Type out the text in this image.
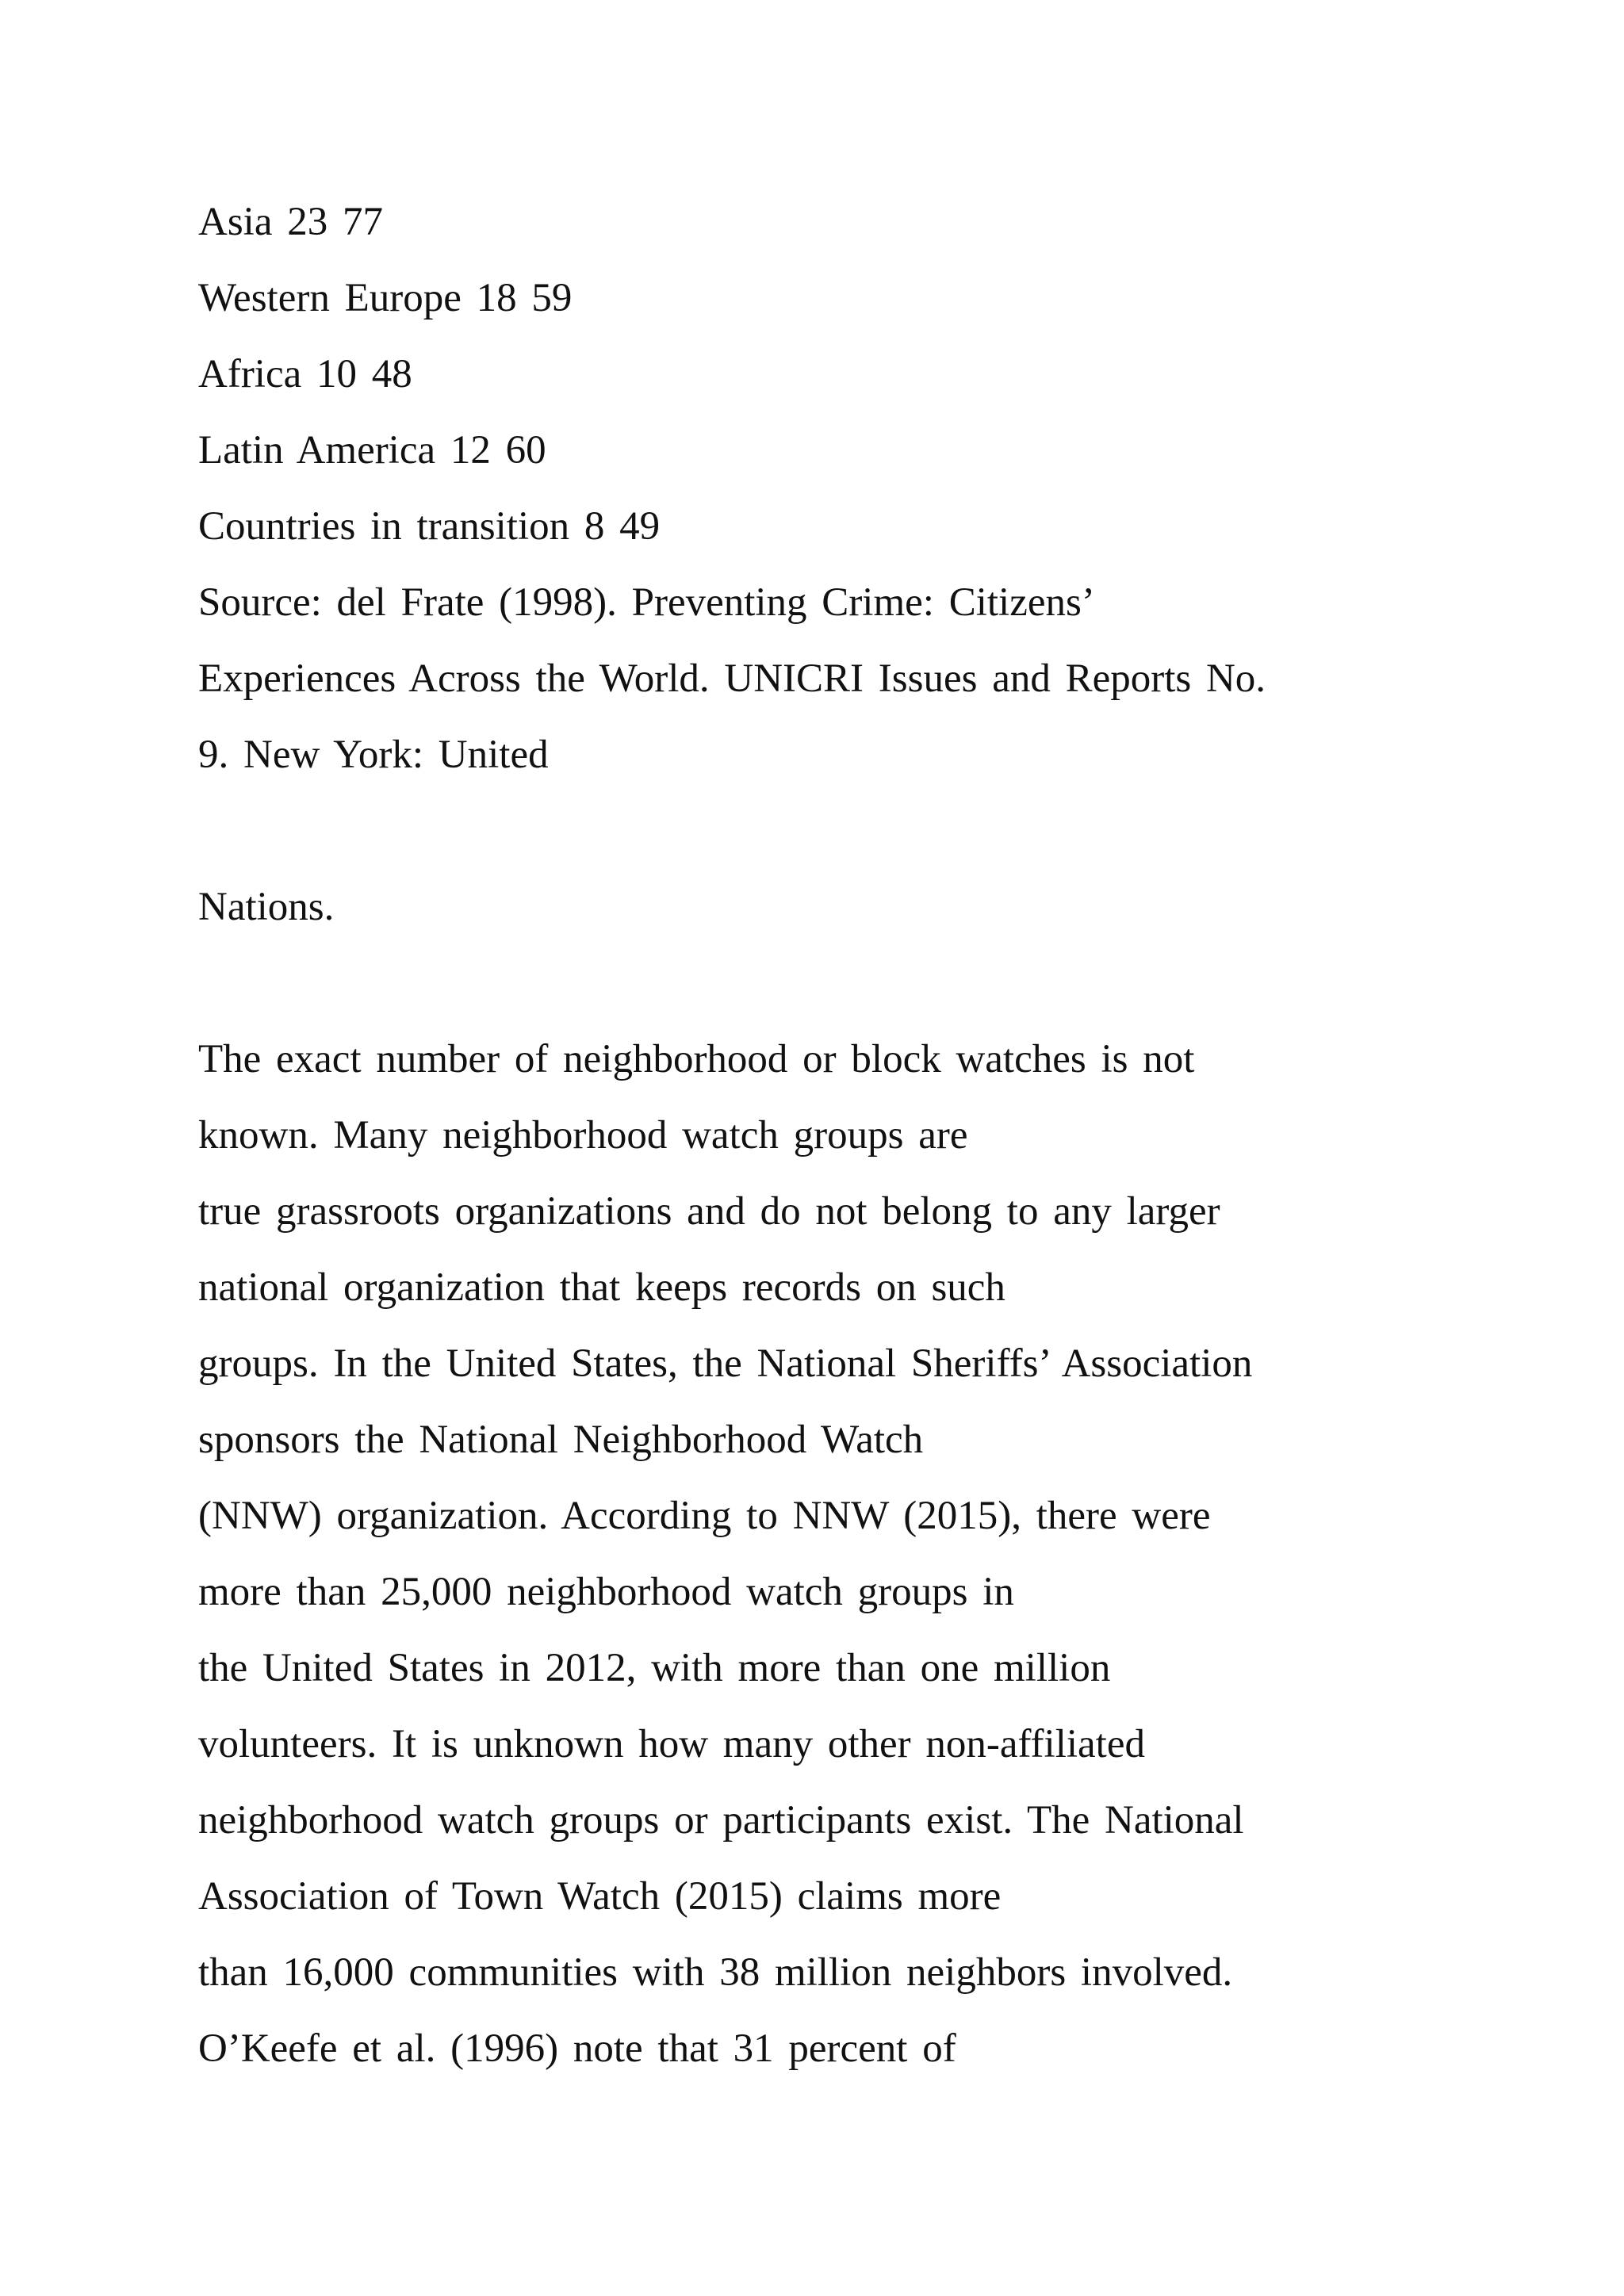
Asia 23 77

Western Europe 18 59

Africa 10 48

Latin America 12 60

Countries in transition 8 49

Source: del Frate (1998). Preventing Crime: Citizens’

Experiences Across the World. UNICRI Issues and Reports No.

9. New York: United

Nations.

The exact number of neighborhood or block watches is not

known. Many neighborhood watch groups are

true grassroots organizations and do not belong to any larger

national organization that keeps records on such

groups. In the United States, the National Sheriffs’ Association

sponsors the National Neighborhood Watch

(NNW) organization. According to NNW (2015), there were

more than 25,000 neighborhood watch groups in

the United States in 2012, with more than one million

volunteers. It is unknown how many other non-affiliated

neighborhood watch groups or participants exist. The National

Association of Town Watch (2015) claims more

than 16,000 communities with 38 million neighbors involved.

O’Keefe et al. (1996) note that 31 percent of
